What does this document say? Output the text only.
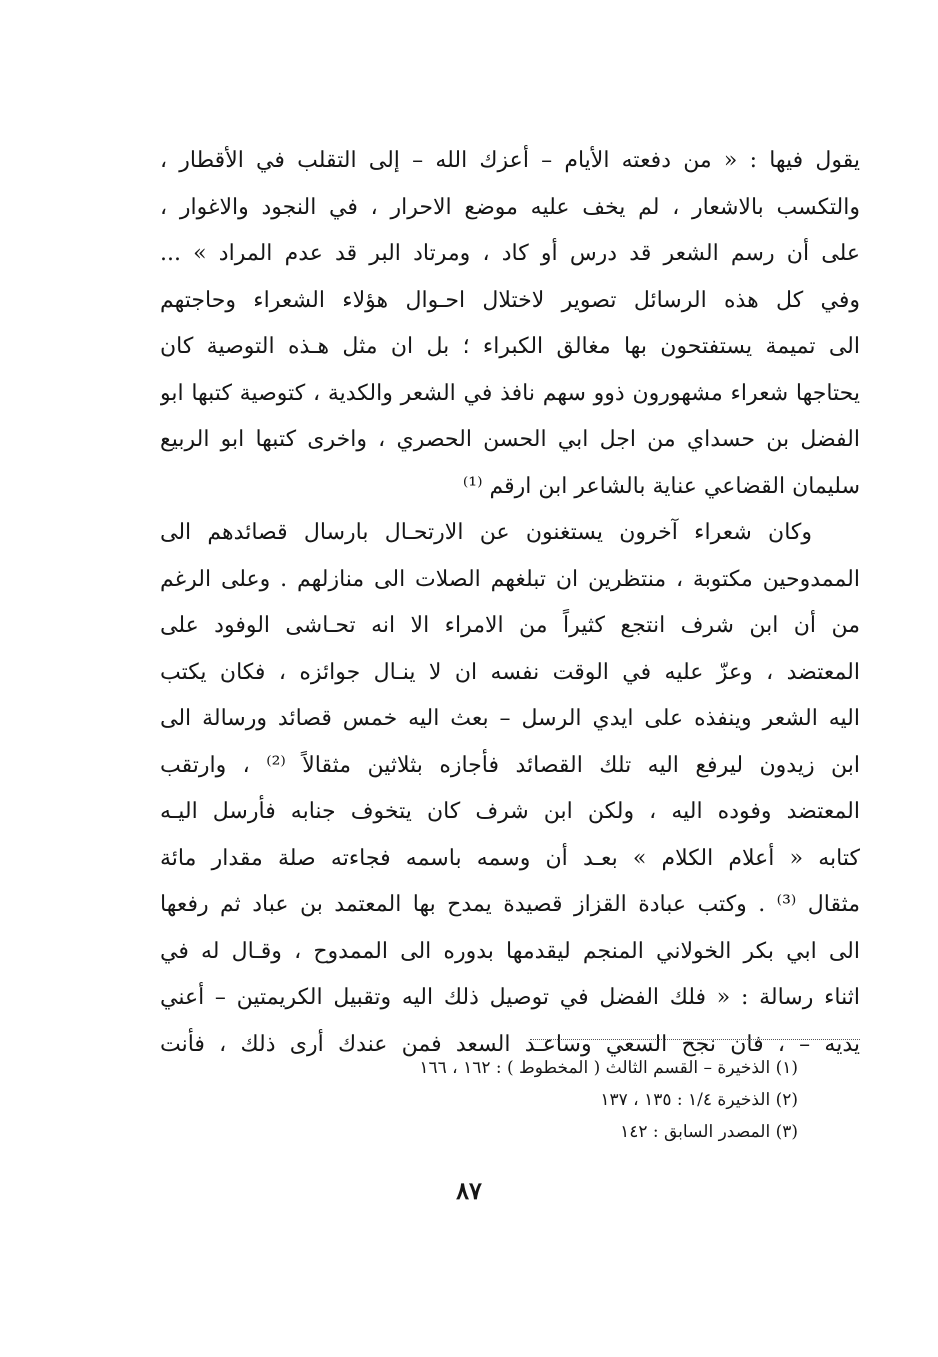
يقول فيها : « من دفعته الأيام – أعزك الله – إلى التقلب في الأقطار ،
والتكسب بالاشعار ، لم يخف عليه موضع الاحرار ، في النجود والاغوار ،
على أن رسم الشعر قد درس أو كاد ، ومرتاد البر قد عدم المراد » ...
وفي كل هذه الرسائل تصوير لاختلال احـوال هؤلاء الشعراء وحاجتهم
الى تميمة يستفتحون بها مغالق الكبراء ؛ بل ان مثل هـذه التوصية كان
يحتاجها شعراء مشهورون ذوو سهم نافذ في الشعر والكدية ، كتوصية كتبها ابو
الفضل بن حسداي من اجل ابي الحسن الحصري ، واخرى كتبها ابو الربيع
سليمان القضاعي عناية بالشاعر ابن ارقم ⁽¹⁾
وكان شعراء آخرون يستغنون عن الارتحـال بارسال قصائدهم الى
الممدوحين مكتوبة ، منتظرين ان تبلغهم الصلات الى منازلهم . وعلى الرغم
من أن ابن شرف انتجع كثيراً من الامراء الا انه تحـاشى الوفود على
المعتضد ، وعزّ عليه في الوقت نفسه ان لا ينـال جوائزه ، فكان يكتب
اليه الشعر وينفذه على ايدي الرسل – بعث اليه خمس قصائد ورسالة الى
ابن زيدون ليرفع اليه تلك القصائد فأجازه بثلاثين مثقالاً ⁽²⁾ ، وارتقب
المعتضد وفوده اليه ، ولكن ابن شرف كان يتخوف جنابه فأرسل اليـه
كتابه « أعلام الكلام » بعـد أن وسمه باسمه فجاءته صلة مقدار مائة
مثقال ⁽³⁾ . وكتب عبادة القزاز قصيدة يمدح بها المعتمد بن عباد ثم رفعها
الى ابي بكر الخولاني المنجم ليقدمها بدوره الى الممدوح ، وقـال له في
اثناء رسالة : « فلك الفضل في توصيل ذلك اليه وتقبيل الكريمتين – أعني
يديه – ، فان نجح السعي وساعـد السعد فمن عندك أرى ذلك ، فأنت
(١) الذخيرة – القسم الثالث ( المخطوط ) : ١٦٢ ، ١٦٦
(٢) الذخيرة ١/٤ : ١٣٥ ، ١٣٧
(٣) المصدر السابق : ١٤٢
٨٧
